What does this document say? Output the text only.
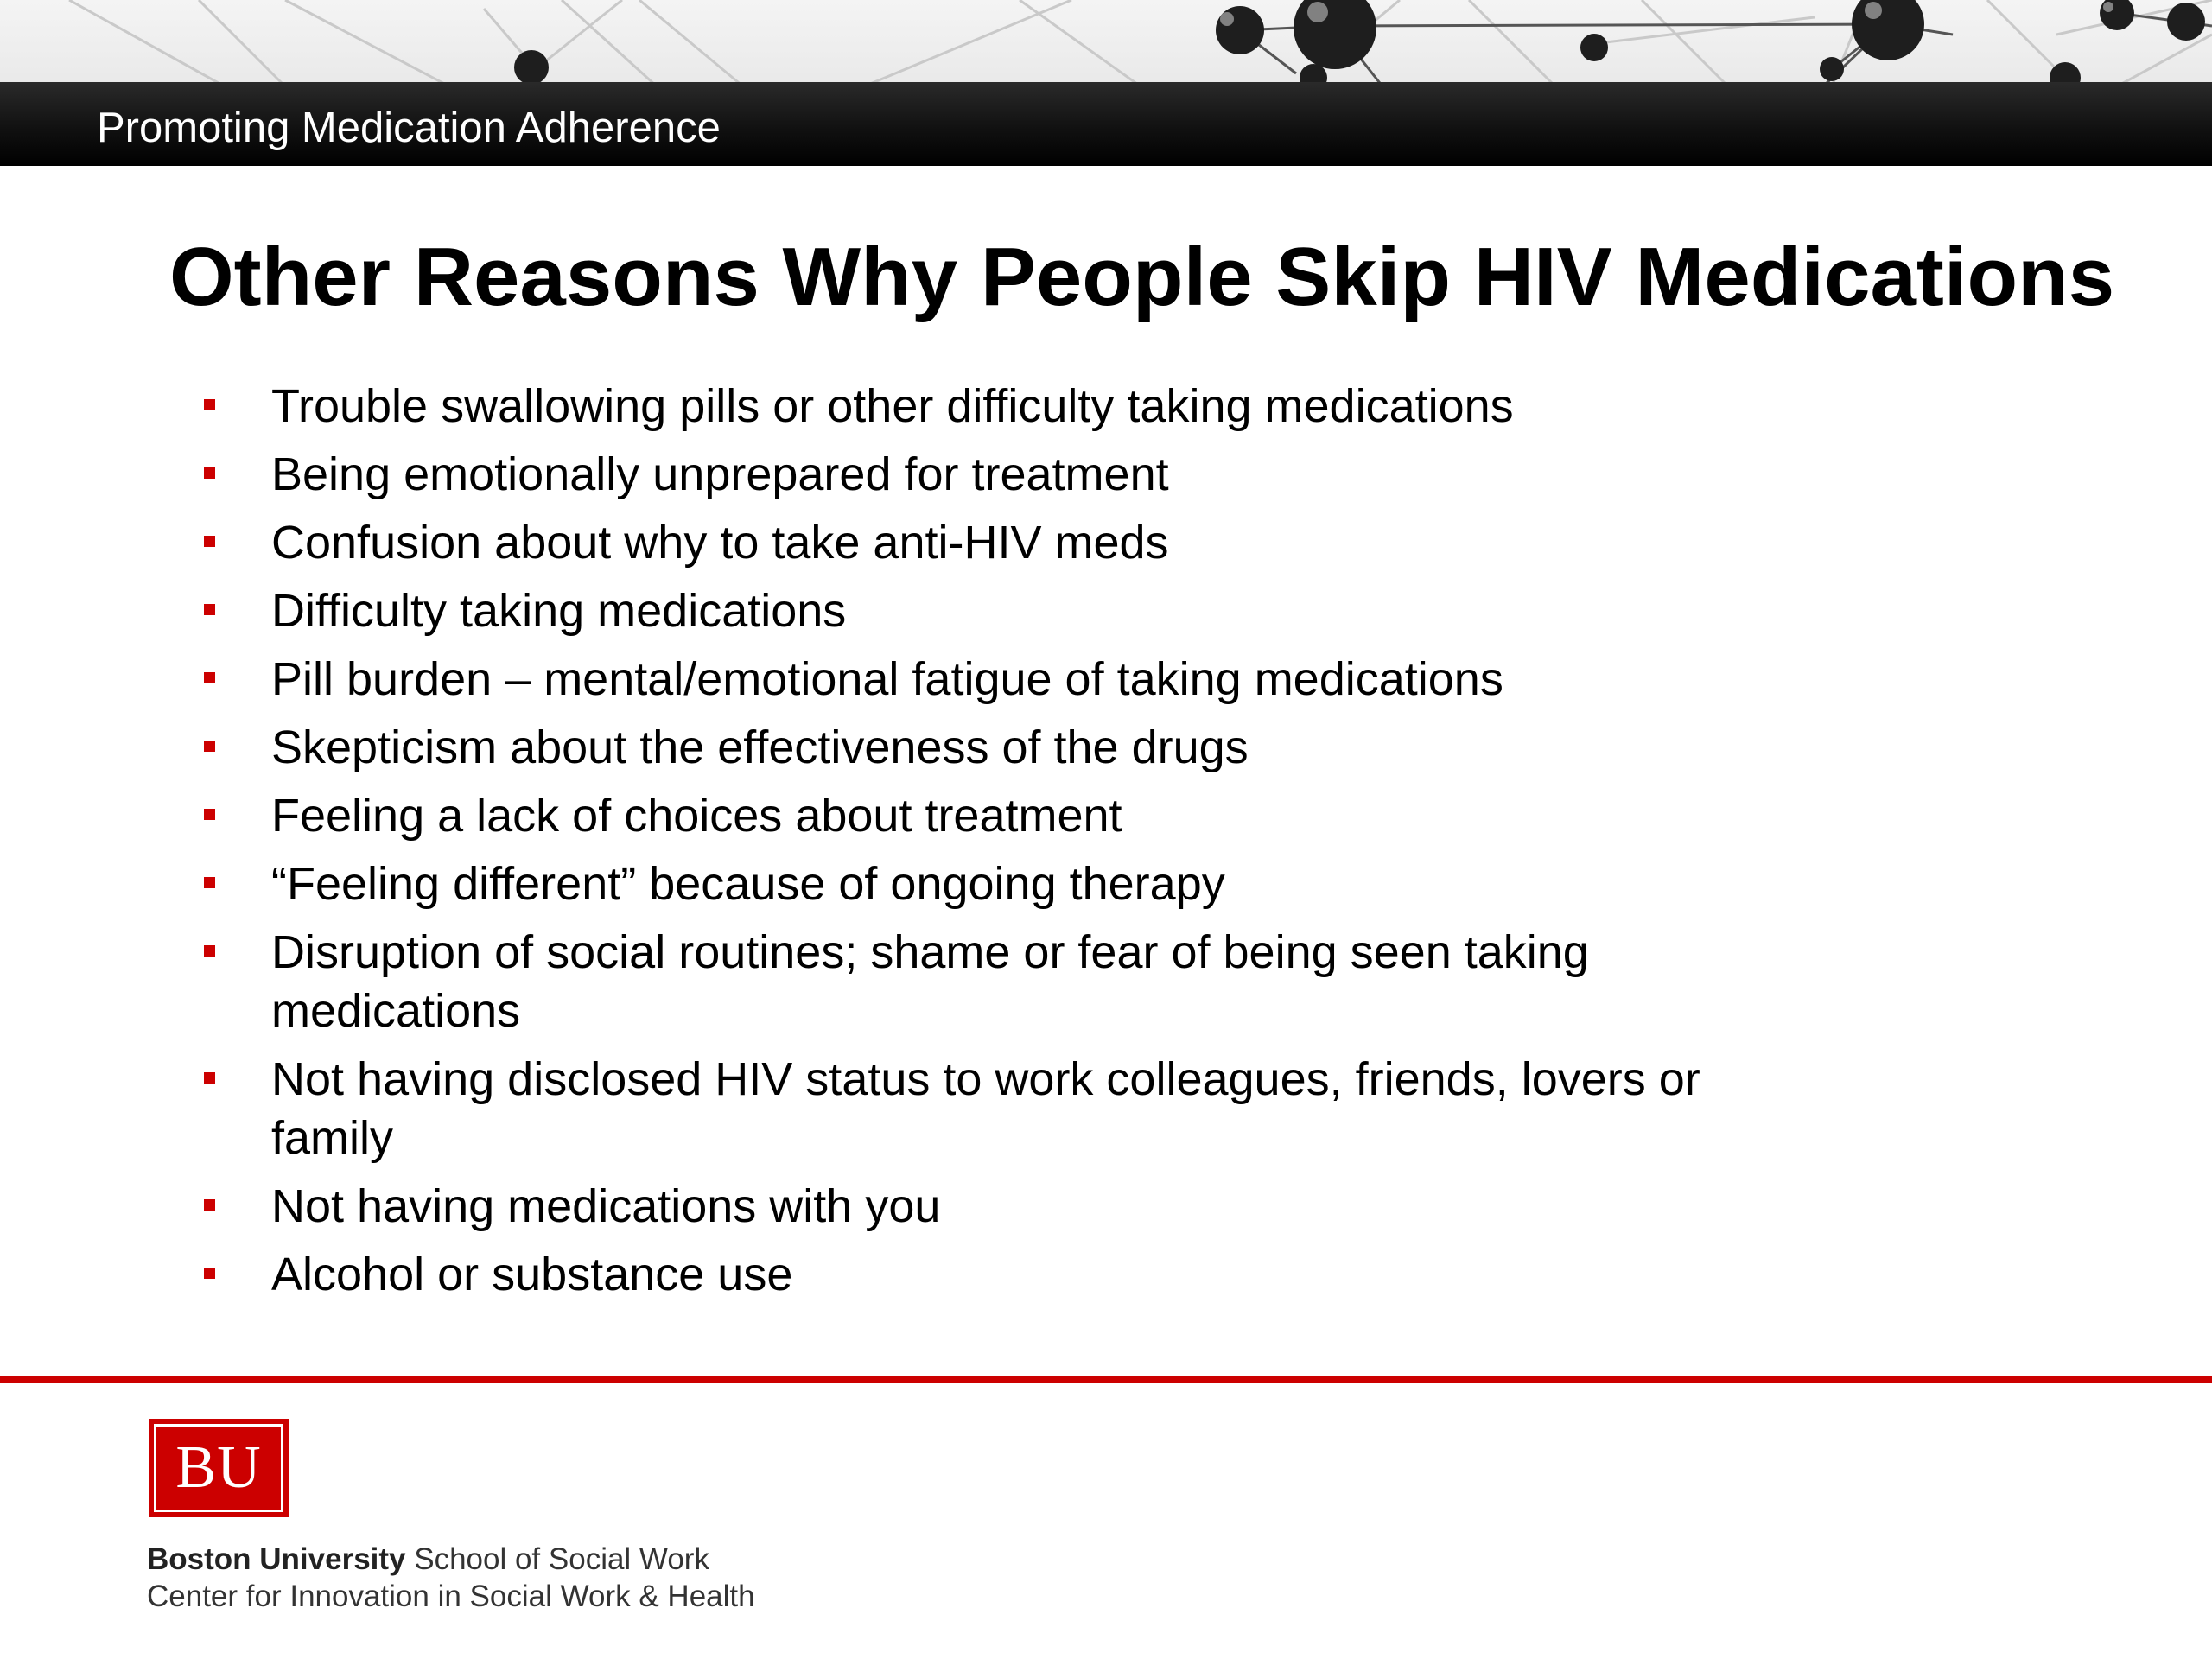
Promoting Medication Adherence
Other Reasons Why People Skip HIV Medications
Trouble swallowing pills or other difficulty taking medications
Being emotionally unprepared for treatment
Confusion about why to take anti-HIV meds
Difficulty taking medications
Pill burden – mental/emotional fatigue of taking medications
Skepticism about the effectiveness of the drugs
Feeling a lack of choices about treatment
“Feeling different” because of ongoing therapy
Disruption of social routines; shame or fear of being seen taking medications
Not having disclosed HIV status to work colleagues, friends, lovers or family
Not having medications with you
Alcohol or substance use
BU
Boston University School of Social Work
Center for Innovation in Social Work & Health
